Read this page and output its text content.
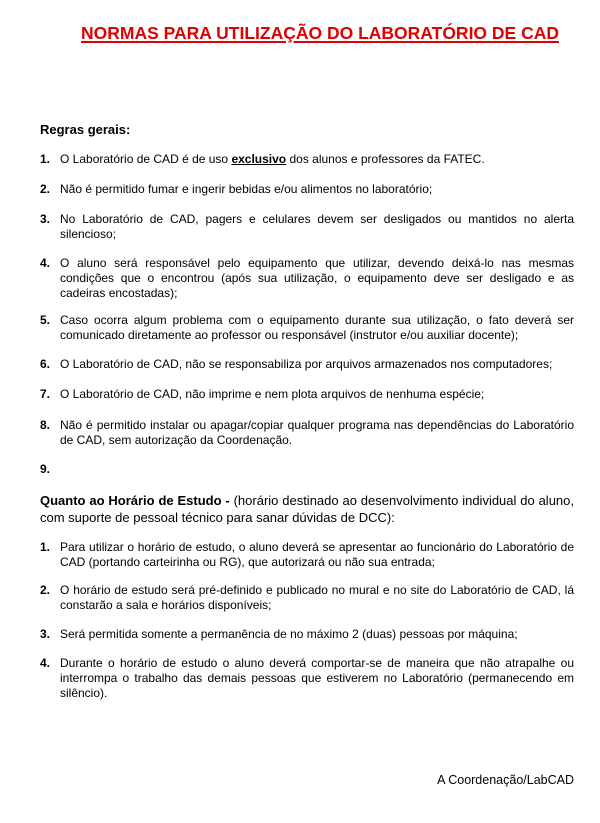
NORMAS PARA UTILIZAÇÃO DO LABORATÓRIO DE CAD
Regras gerais:
1. O Laboratório de CAD é de uso exclusivo dos alunos e professores da FATEC.
2. Não é permitido fumar e ingerir bebidas e/ou alimentos no laboratório;
3. No Laboratório de CAD, pagers e celulares devem ser desligados ou mantidos no alerta silencioso;
4. O aluno será responsável pelo equipamento que utilizar, devendo deixá-lo nas mesmas condições que o encontrou (após sua utilização, o equipamento deve ser desligado e as cadeiras encostadas);
5. Caso ocorra algum problema com o equipamento durante sua utilização, o fato deverá ser comunicado diretamente ao professor ou responsável (instrutor e/ou auxiliar docente);
6. O Laboratório de CAD, não se responsabiliza por arquivos armazenados nos computadores;
7. O Laboratório de CAD, não imprime e nem plota arquivos de nenhuma espécie;
8. Não é permitido instalar ou apagar/copiar qualquer programa nas dependências do Laboratório de CAD, sem autorização da Coordenação.
9.
Quanto ao Horário de Estudo - (horário destinado ao desenvolvimento individual do aluno, com suporte de pessoal técnico para sanar dúvidas de DCC):
1. Para utilizar o horário de estudo, o aluno deverá se apresentar ao funcionário do Laboratório de CAD (portando carteirinha ou RG), que autorizará ou não sua entrada;
2. O horário de estudo será pré-definido e publicado no mural e no site do Laboratório de CAD, lá constarão a sala e horários disponíveis;
3. Será permitida somente a permanência de no máximo 2 (duas) pessoas por máquina;
4. Durante o horário de estudo o aluno deverá comportar-se de maneira que não atrapalhe ou interrompa o trabalho das demais pessoas que estiverem no Laboratório (permanecendo em silêncio).
A Coordenação/LabCAD
